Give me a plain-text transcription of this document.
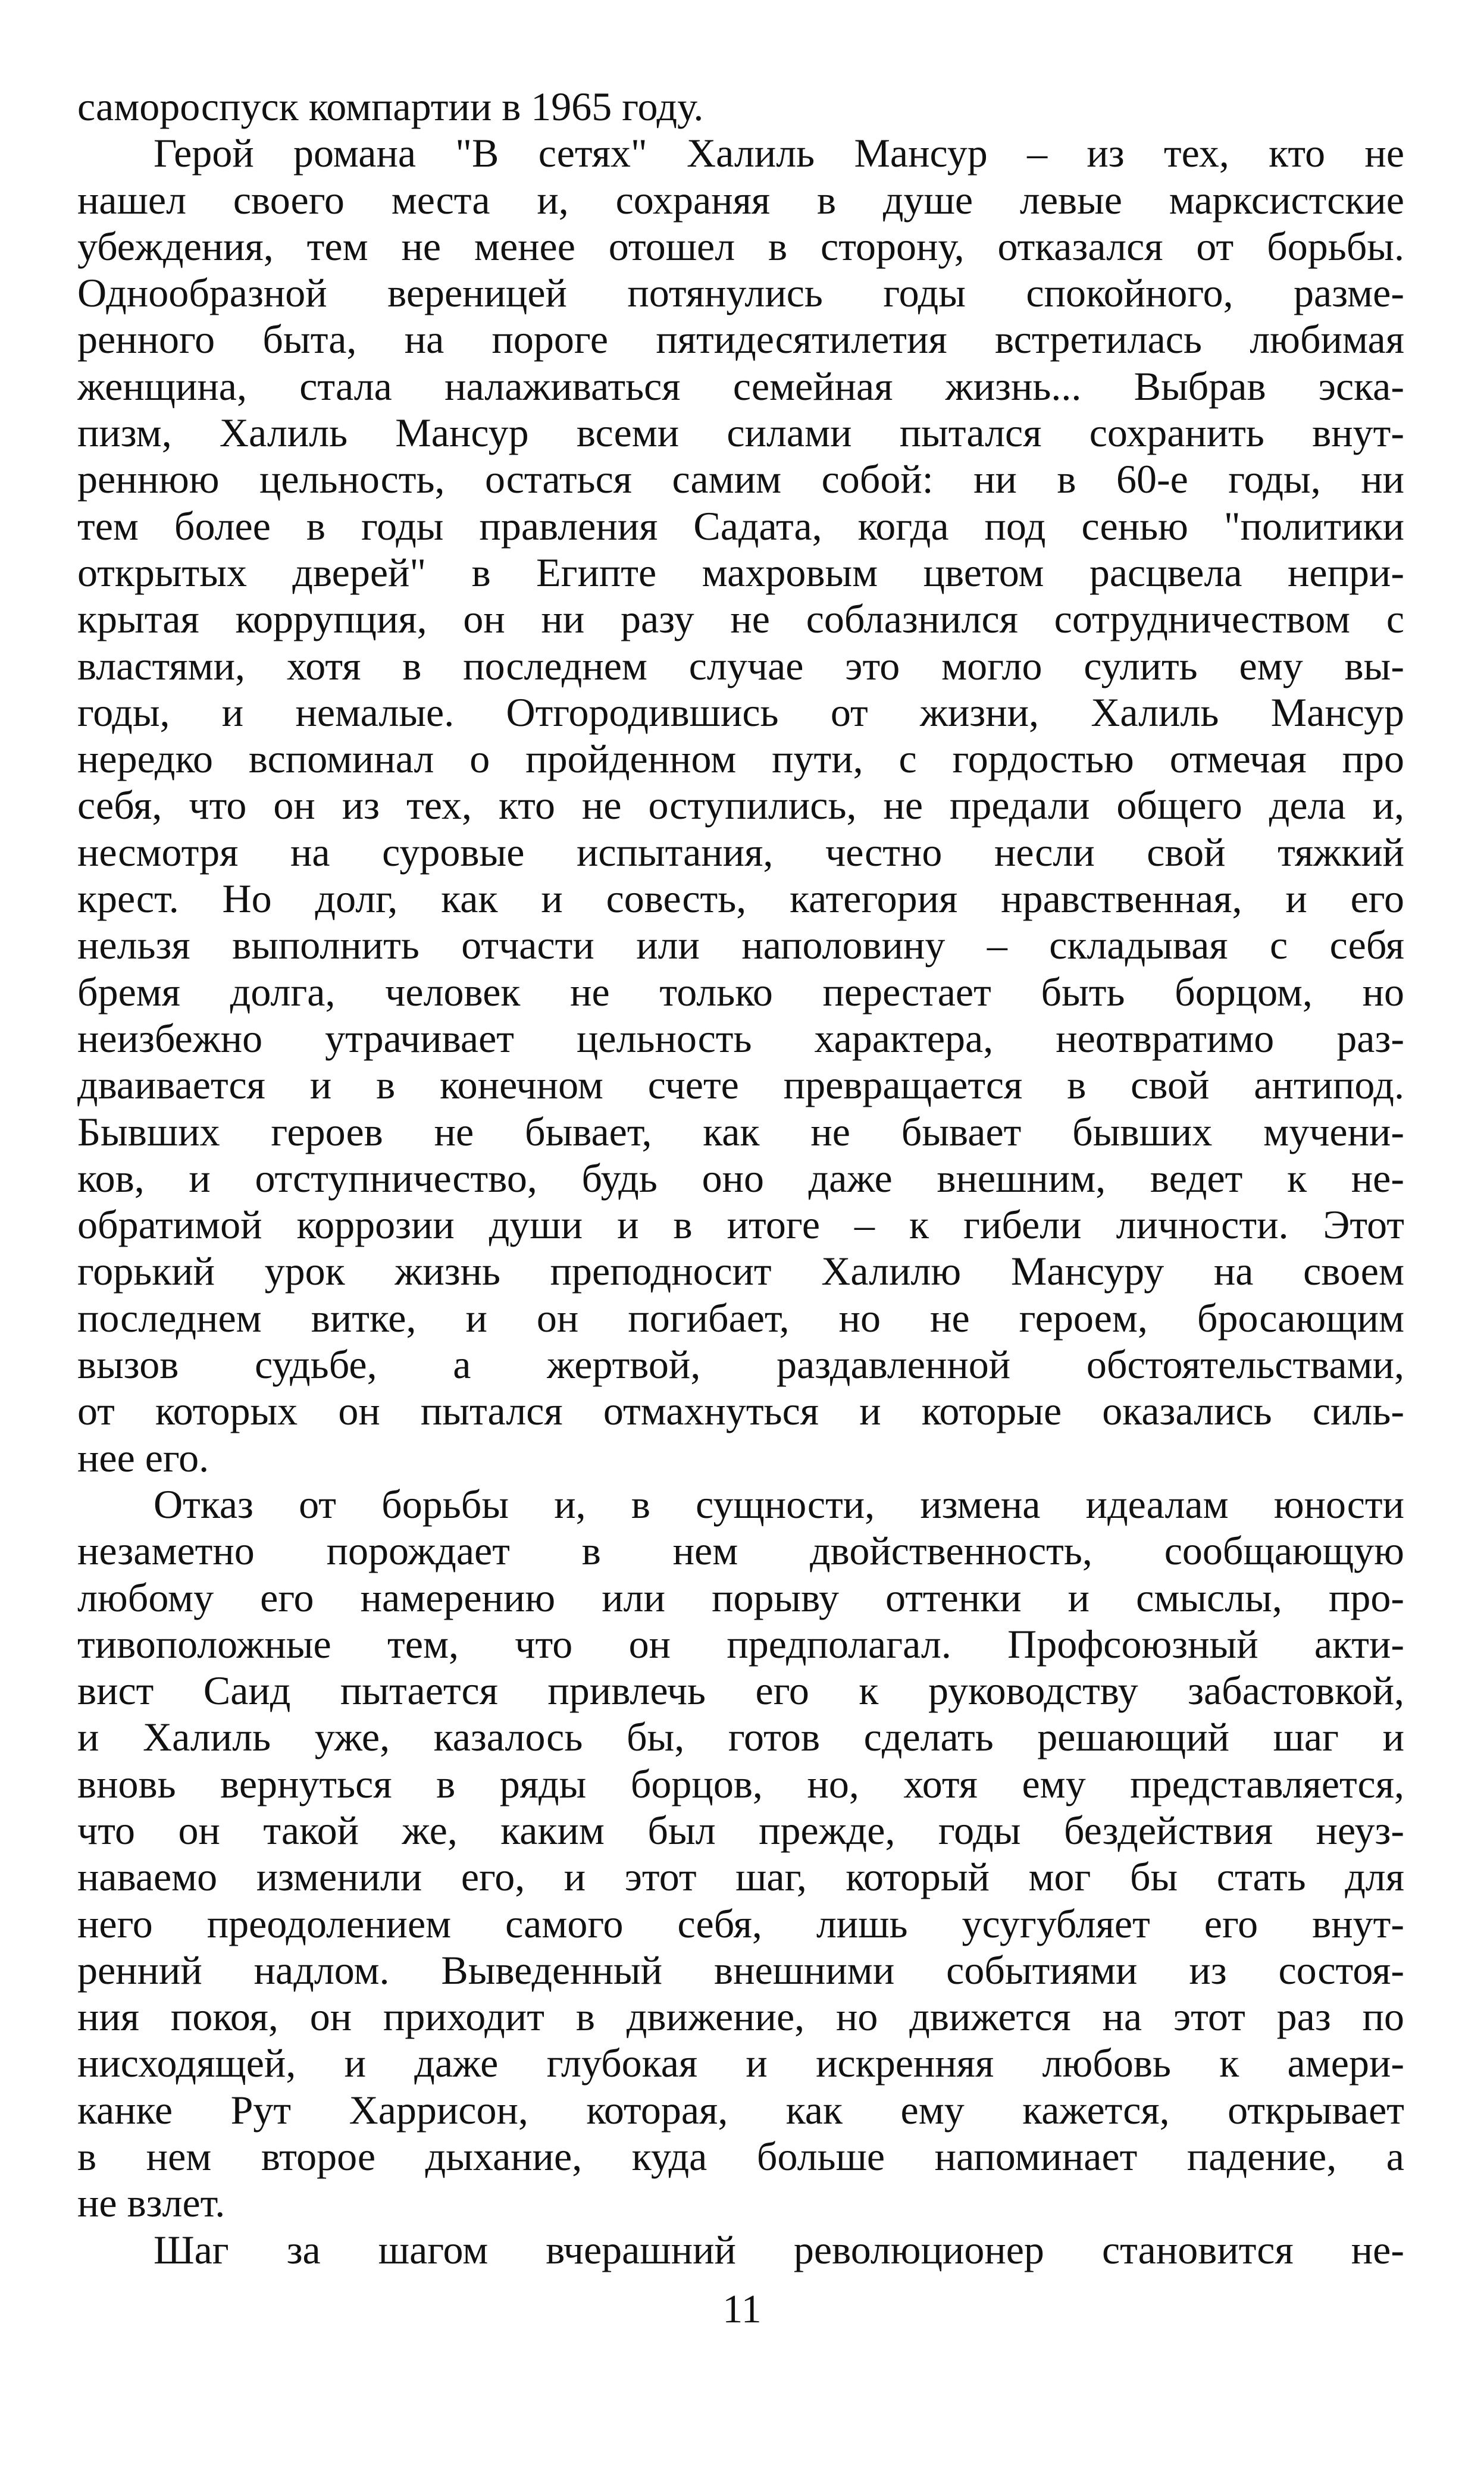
самороспуск компартии в 1965 году.
Герой романа "В сетях" Халиль Мансур – из тех, кто не
нашел своего места и, сохраняя в душе левые марксистские
убеждения, тем не менее отошел в сторону, отказался от борьбы.
Однообразной вереницей потянулись годы спокойного, разме-
ренного быта, на пороге пятидесятилетия встретилась любимая
женщина, стала налаживаться семейная жизнь... Выбрав эска-
пизм, Халиль Мансур всеми силами пытался сохранить внут-
реннюю цельность, остаться самим собой: ни в 60-е годы, ни
тем более в годы правления Садата, когда под сенью "политики
открытых дверей" в Египте махровым цветом расцвела непри-
крытая коррупция, он ни разу не соблазнился сотрудничеством с
властями, хотя в последнем случае это могло сулить ему вы-
годы, и немалые. Отгородившись от жизни, Халиль Мансур
нередко вспоминал о пройденном пути, с гордостью отмечая про
себя, что он из тех, кто не оступились, не предали общего дела и,
несмотря на суровые испытания, честно несли свой тяжкий
крест. Но долг, как и совесть, категория нравственная, и его
нельзя выполнить отчасти или наполовину – складывая с себя
бремя долга, человек не только перестает быть борцом, но
неизбежно утрачивает цельность характера, неотвратимо раз-
дваивается и в конечном счете превращается в свой антипод.
Бывших героев не бывает, как не бывает бывших мучени-
ков, и отступничество, будь оно даже внешним, ведет к не-
обратимой коррозии души и в итоге – к гибели личности. Этот
горький урок жизнь преподносит Халилю Мансуру на своем
последнем витке, и он погибает, но не героем, бросающим
вызов судьбе, а жертвой, раздавленной обстоятельствами,
от которых он пытался отмахнуться и которые оказались силь-
нее его.
Отказ от борьбы и, в сущности, измена идеалам юности
незаметно порождает в нем двойственность, сообщающую
любому его намерению или порыву оттенки и смыслы, про-
тивоположные тем, что он предполагал. Профсоюзный акти-
вист Саид пытается привлечь его к руководству забастовкой,
и Халиль уже, казалось бы, готов сделать решающий шаг и
вновь вернуться в ряды борцов, но, хотя ему представляется,
что он такой же, каким был прежде, годы бездействия неуз-
наваемо изменили его, и этот шаг, который мог бы стать для
него преодолением самого себя, лишь усугубляет его внут-
ренний надлом. Выведенный внешними событиями из состоя-
ния покоя, он приходит в движение, но движется на этот раз по
нисходящей, и даже глубокая и искренняя любовь к амери-
канке Рут Харрисон, которая, как ему кажется, открывает
в нем второе дыхание, куда больше напоминает падение, а
не взлет.
Шаг за шагом вчерашний революционер становится не-
11
